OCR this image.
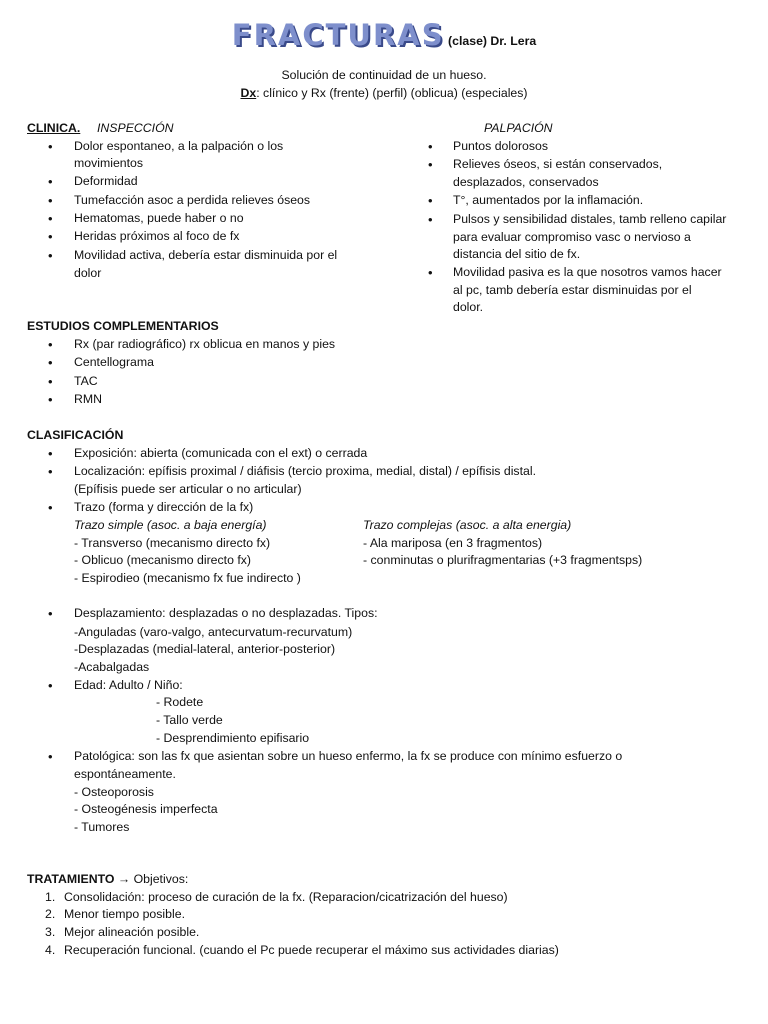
FRACTURAS (clase) Dr. Lera
Solución de continuidad de un hueso.
Dx: clínico y Rx (frente) (perfil) (oblicua) (especiales)
CLINICA. INSPECCIÓN	PALPACIÓN
• Dolor espontaneo, a la palpación o los
movimientos
• Deformidad
• Tumefacción asoc a perdida relieves óseos
• Hematomas, puede haber o no
• Heridas próximos al foco de fx
• Movilidad activa, debería estar disminuida por el
dolor
• Puntos dolorosos
• Relieves óseos, si están conservados,
desplazados, conservados
• T°, aumentados por la inflamación.
• Pulsos y sensibilidad distales, tamb relleno capilar
para evaluar compromiso vasc o nervioso a
distancia del sitio de fx.
• Movilidad pasiva es la que nosotros vamos hacer
al pc, tamb debería estar disminuidas por el
dolor.
ESTUDIOS COMPLEMENTARIOS
• Rx (par radiográfico) rx oblicua en manos y pies
• Centellograma
• TAC
• RMN
CLASIFICACIÓN
• Exposición: abierta (comunicada con el ext) o cerrada
• Localización: epífisis proximal / diáfisis (tercio proxima, medial, distal) / epífisis distal.
(Epífisis puede ser articular o no articular)
• Trazo (forma y dirección de la fx)
Trazo simple (asoc. a baja energía)	Trazo complejas (asoc. a alta energia)
- Transverso (mecanismo directo fx)
- Oblicuo (mecanismo directo fx)
- Espirodieo (mecanismo fx fue indirecto )
- Ala mariposa (en 3 fragmentos)
- conminutas o plurifragmentarias (+3 fragmentsps)
• Desplazamiento: desplazadas o no desplazadas. Tipos:
-Anguladas (varo-valgo, antecurvatum-recurvatum)
-Desplazadas (medial-lateral, anterior-posterior)
-Acabalgadas
• Edad: Adulto / Niño:
- Rodete
- Tallo verde
- Desprendimiento epifisario
• Patológica: son las fx que asientan sobre un hueso enfermo, la fx se produce con mínimo esfuerzo o
espontáneamente.
- Osteoporosis
- Osteogénesis imperfecta
- Tumores
TRATAMIENTO → Objetivos:
1. Consolidación: proceso de curación de la fx. (Reparacion/cicatrización del hueso)
2. Menor tiempo posible.
3. Mejor alineación posible.
4. Recuperación funcional. (cuando el Pc puede recuperar el máximo sus actividades diarias)
